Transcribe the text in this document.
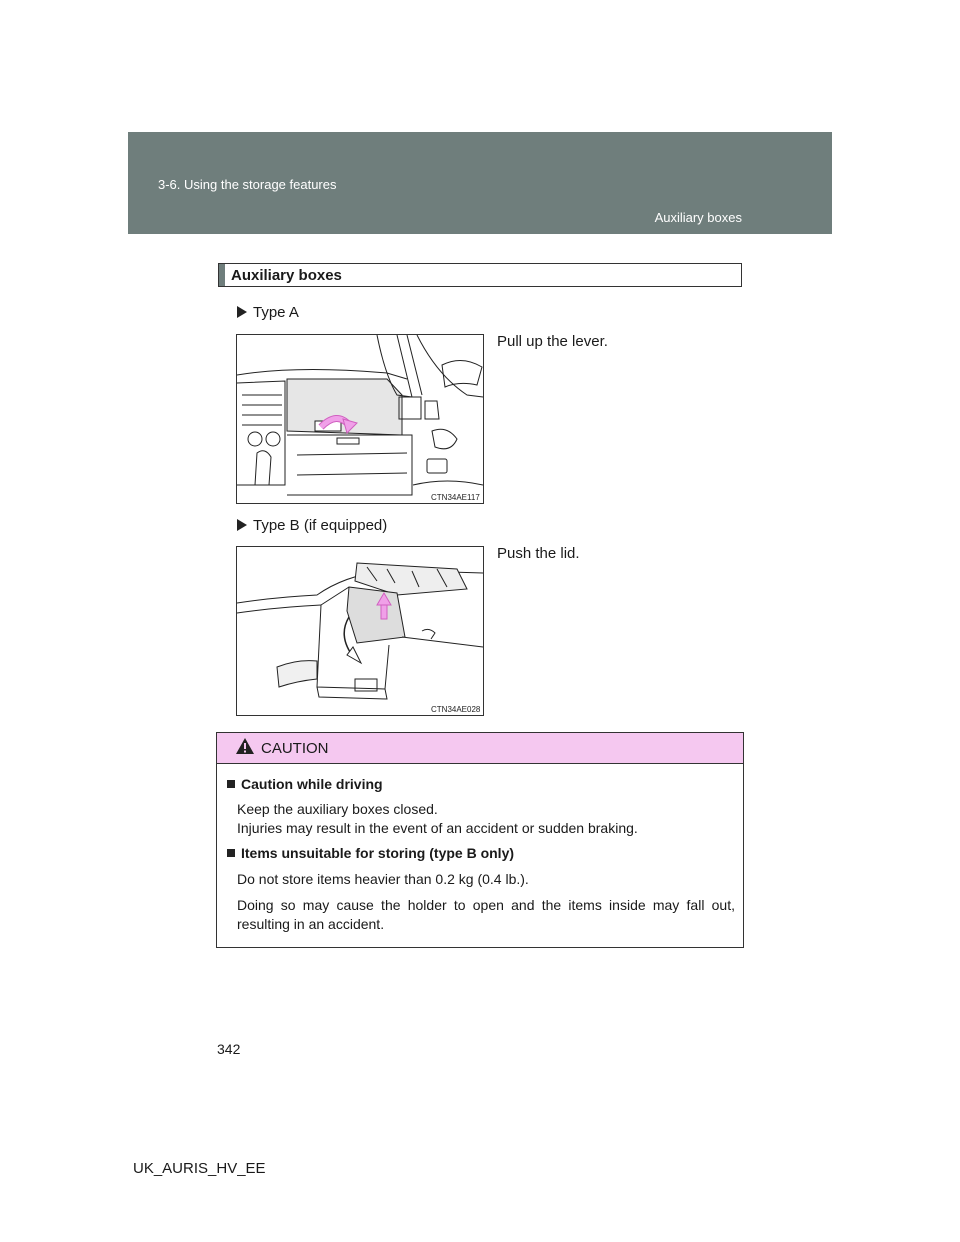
3-6. Using the storage features
Auxiliary boxes
Auxiliary boxes
Type A
Pull up the lever.
CTN34AE117
Type B (if equipped)
Push the lid.
CTN34AE028
CAUTION
Caution while driving
Keep the auxiliary boxes closed.
Injuries may result in the event of an accident or sudden braking.
Items unsuitable for storing (type B only)
Do not store items heavier than 0.2 kg (0.4 lb.).
Doing so may cause the holder to open and the items inside may fall out, resulting in an accident.
342
UK_AURIS_HV_EE
